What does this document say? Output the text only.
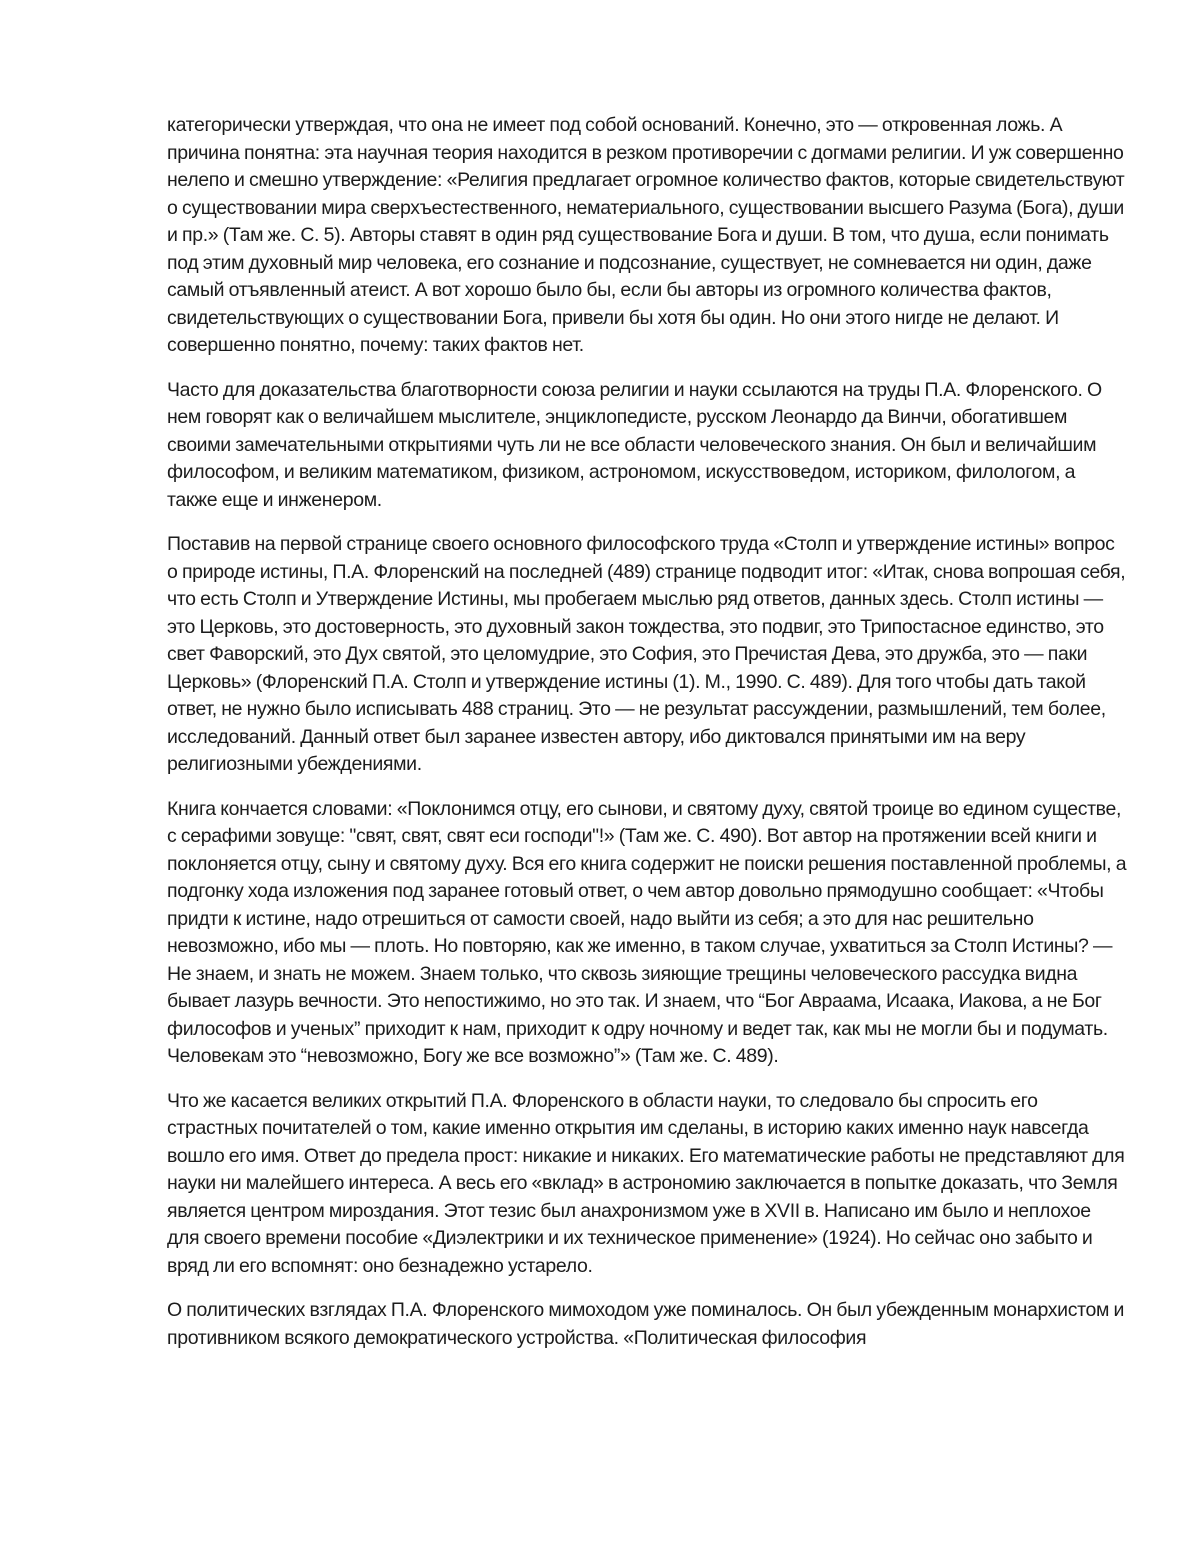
категорически утверждая, что она не имеет под собой оснований. Конечно, это — откровенная ложь. А причина понятна: эта научная теория находится в резком противоречии с догмами религии. И уж совершенно нелепо и смешно утверждение: «Религия предлагает огромное количество фактов, которые свидетельствуют о существовании мира сверхъестественного, нематериального, существовании высшего Разума (Бога), души и пр.» (Там же. С. 5). Авторы ставят в один ряд существование Бога и души. В том, что душа, если понимать под этим духовный мир человека, его сознание и подсознание, существует, не сомневается ни один, даже самый отъявленный атеист. А вот хорошо было бы, если бы авторы из огромного количества фактов, свидетельствующих о существовании Бога, привели бы хотя бы один. Но они этого нигде не делают. И совершенно понятно, почему: таких фактов нет.

Часто для доказательства благотворности союза религии и науки ссылаются на труды П.А. Флоренского. О нем говорят как о величайшем мыслителе, энциклопедисте, русском Леонардо да Винчи, обогатившем своими замечательными открытиями чуть ли не все области человеческого знания. Он был и величайшим философом, и великим математиком, физиком, астрономом, искусствоведом, историком, филологом, а также еще и инженером.

Поставив на первой странице своего основного философского труда «Столп и утверждение истины» вопрос о природе истины, П.А. Флоренский на последней (489) странице подводит итог: «Итак, снова вопрошая себя, что есть Столп и Утверждение Истины, мы пробегаем мыслью ряд ответов, данных здесь. Столп истины — это Церковь, это достоверность, это духовный закон тождества, это подвиг, это Трипостасное единство, это свет Фаворский, это Дух святой, это целомудрие, это София, это Пречистая Дева, это дружба, это — паки Церковь» (Флоренский П.А. Столп и утверждение истины (1). М., 1990. С. 489). Для того чтобы дать такой ответ, не нужно было исписывать 488 страниц. Это — не результат рассуждении, размышлений, тем более, исследований. Данный ответ был заранее известен автору, ибо диктовался принятыми им на веру религиозными убеждениями.

Книга кончается словами: «Поклонимся отцу, его сынови, и святому духу, святой троице во едином существе, с серафими зовуще: "свят, свят, свят еси господи"!» (Там же. С. 490). Вот автор на протяжении всей книги и поклоняется отцу, сыну и святому духу. Вся его книга содержит не поиски решения поставленной проблемы, а подгонку хода изложения под заранее готовый ответ, о чем автор довольно прямодушно сообщает: «Чтобы придти к истине, надо отрешиться от самости своей, надо выйти из себя; а это для нас решительно невозможно, ибо мы — плоть. Но повторяю, как же именно, в таком случае, ухватиться за Столп Истины? — Не знаем, и знать не можем. Знаем только, что сквозь зияющие трещины человеческого рассудка видна бывает лазурь вечности. Это непостижимо, но это так. И знаем, что “Бог Авраама, Исаака, Иакова, а не Бог философов и ученых” приходит к нам, приходит к одру ночному и ведет так, как мы не могли бы и подумать. Человекам это “невозможно, Богу же все возможно”» (Там же. С. 489).

Что же касается великих открытий П.А. Флоренского в области науки, то следовало бы спросить его страстных почитателей о том, какие именно открытия им сделаны, в историю каких именно наук навсегда вошло его имя. Ответ до предела прост: никакие и никаких. Его математические работы не представляют для науки ни малейшего интереса. А весь его «вклад» в астрономию заключается в попытке доказать, что Земля является центром мироздания. Этот тезис был анахронизмом уже в XVII в. Написано им было и неплохое для своего времени пособие «Диэлектрики и их техническое применение» (1924). Но сейчас оно забыто и вряд ли его вспомнят: оно безнадежно устарело.

О политических взглядах П.А. Флоренского мимоходом уже поминалось. Он был убежденным монархистом и противником всякого демократического устройства. «Политическая философия
